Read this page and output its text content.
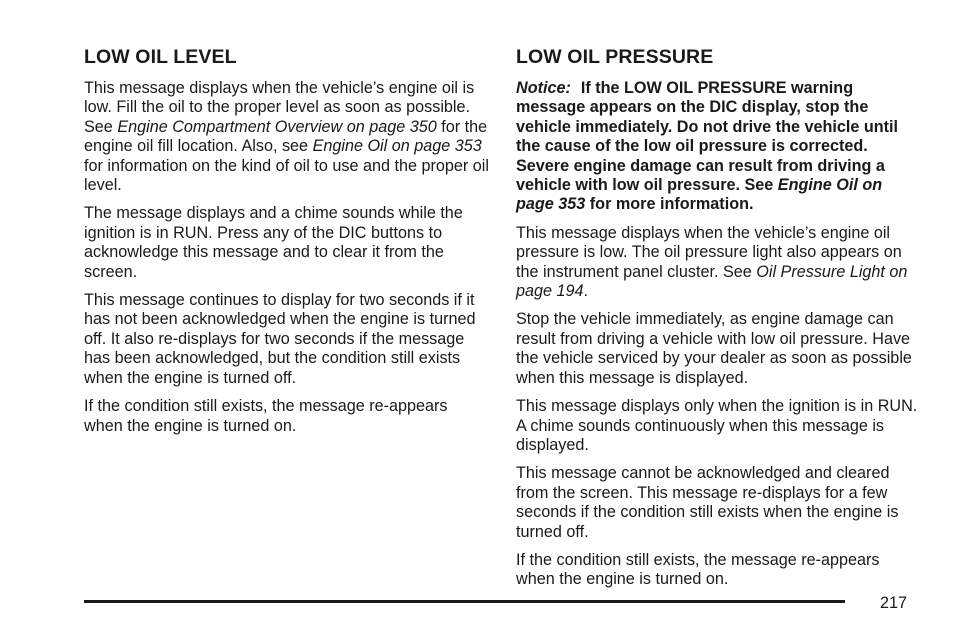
LOW OIL LEVEL

This message displays when the vehicle’s engine oil is low. Fill the oil to the proper level as soon as possible. See Engine Compartment Overview on page 350 for the engine oil fill location. Also, see Engine Oil on page 353 for information on the kind of oil to use and the proper oil level.

The message displays and a chime sounds while the ignition is in RUN. Press any of the DIC buttons to acknowledge this message and to clear it from the screen.

This message continues to display for two seconds if it has not been acknowledged when the engine is turned off. It also re-displays for two seconds if the message has been acknowledged, but the condition still exists when the engine is turned off.

If the condition still exists, the message re-appears when the engine is turned on.

LOW OIL PRESSURE

Notice: If the LOW OIL PRESSURE warning message appears on the DIC display, stop the vehicle immediately. Do not drive the vehicle until the cause of the low oil pressure is corrected. Severe engine damage can result from driving a vehicle with low oil pressure. See Engine Oil on page 353 for more information.

This message displays when the vehicle’s engine oil pressure is low. The oil pressure light also appears on the instrument panel cluster. See Oil Pressure Light on page 194.

Stop the vehicle immediately, as engine damage can result from driving a vehicle with low oil pressure. Have the vehicle serviced by your dealer as soon as possible when this message is displayed.

This message displays only when the ignition is in RUN. A chime sounds continuously when this message is displayed.

This message cannot be acknowledged and cleared from the screen. This message re-displays for a few seconds if the condition still exists when the engine is turned off.

If the condition still exists, the message re-appears when the engine is turned on.

217
